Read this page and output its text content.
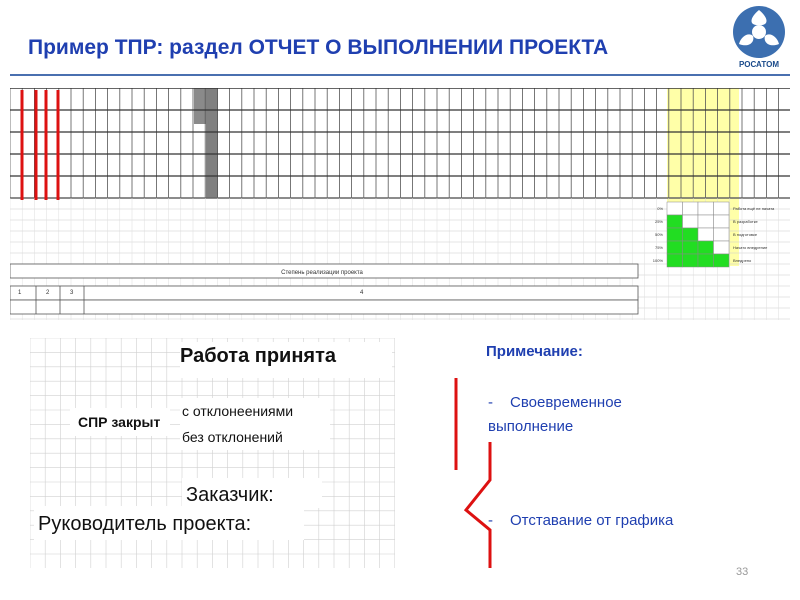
Пример ТПР: раздел ОТЧЕТ О ВЫПОЛНЕНИИ ПРОЕКТА
РОСАТОМ
0%	Работа ещё не начата
25%	В разработке
50%	В подготовке
75%	Начато внедрение
100%	Внедрено
Степень реализации проекта
1	2	3	4
Работа принята
СПР закрыт
с отклонеениями
без отклонений
Заказчик:
Руководитель проекта:
Примечание:
- Своевременное выполнение
- Отставание от графика
33
